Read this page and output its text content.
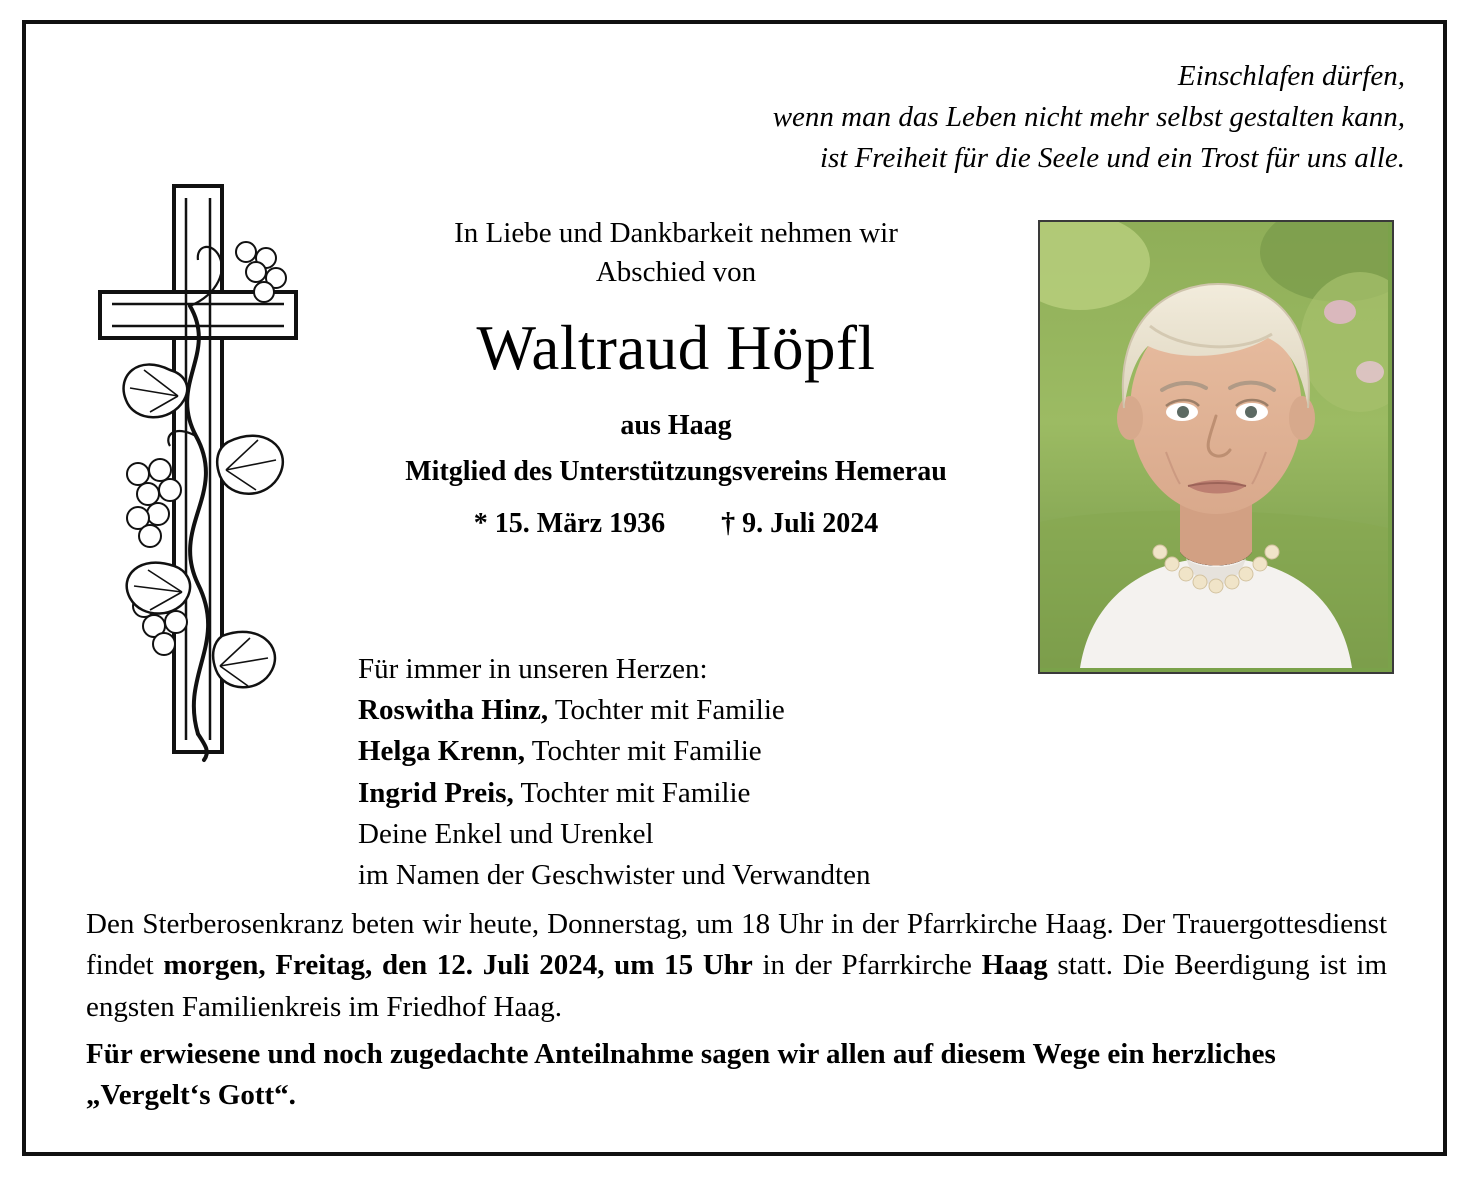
Einschlafen dürfen,
wenn man das Leben nicht mehr selbst gestalten kann,
ist Freiheit für die Seele und ein Trost für uns alle.
In Liebe und Dankbarkeit nehmen wir
Abschied von
Waltraud Höpfl
aus Haag
Mitglied des Unterstützungsvereins Hemerau
* 15. März 1936 † 9. Juli 2024
Für immer in unseren Herzen:
Roswitha Hinz, Tochter mit Familie
Helga Krenn, Tochter mit Familie
Ingrid Preis, Tochter mit Familie
Deine Enkel und Urenkel
im Namen der Geschwister und Verwandten
Den Sterberosenkranz beten wir heute, Donnerstag, um 18 Uhr in der Pfarrkirche Haag. Der Trauergottesdienst findet morgen, Freitag, den 12. Juli 2024, um 15 Uhr in der Pfarrkirche Haag statt. Die Beerdigung ist im engsten Familienkreis im Friedhof Haag.
Für erwiesene und noch zugedachte Anteilnahme sagen wir allen auf diesem Wege ein herzliches „Vergelt‘s Gott“.
